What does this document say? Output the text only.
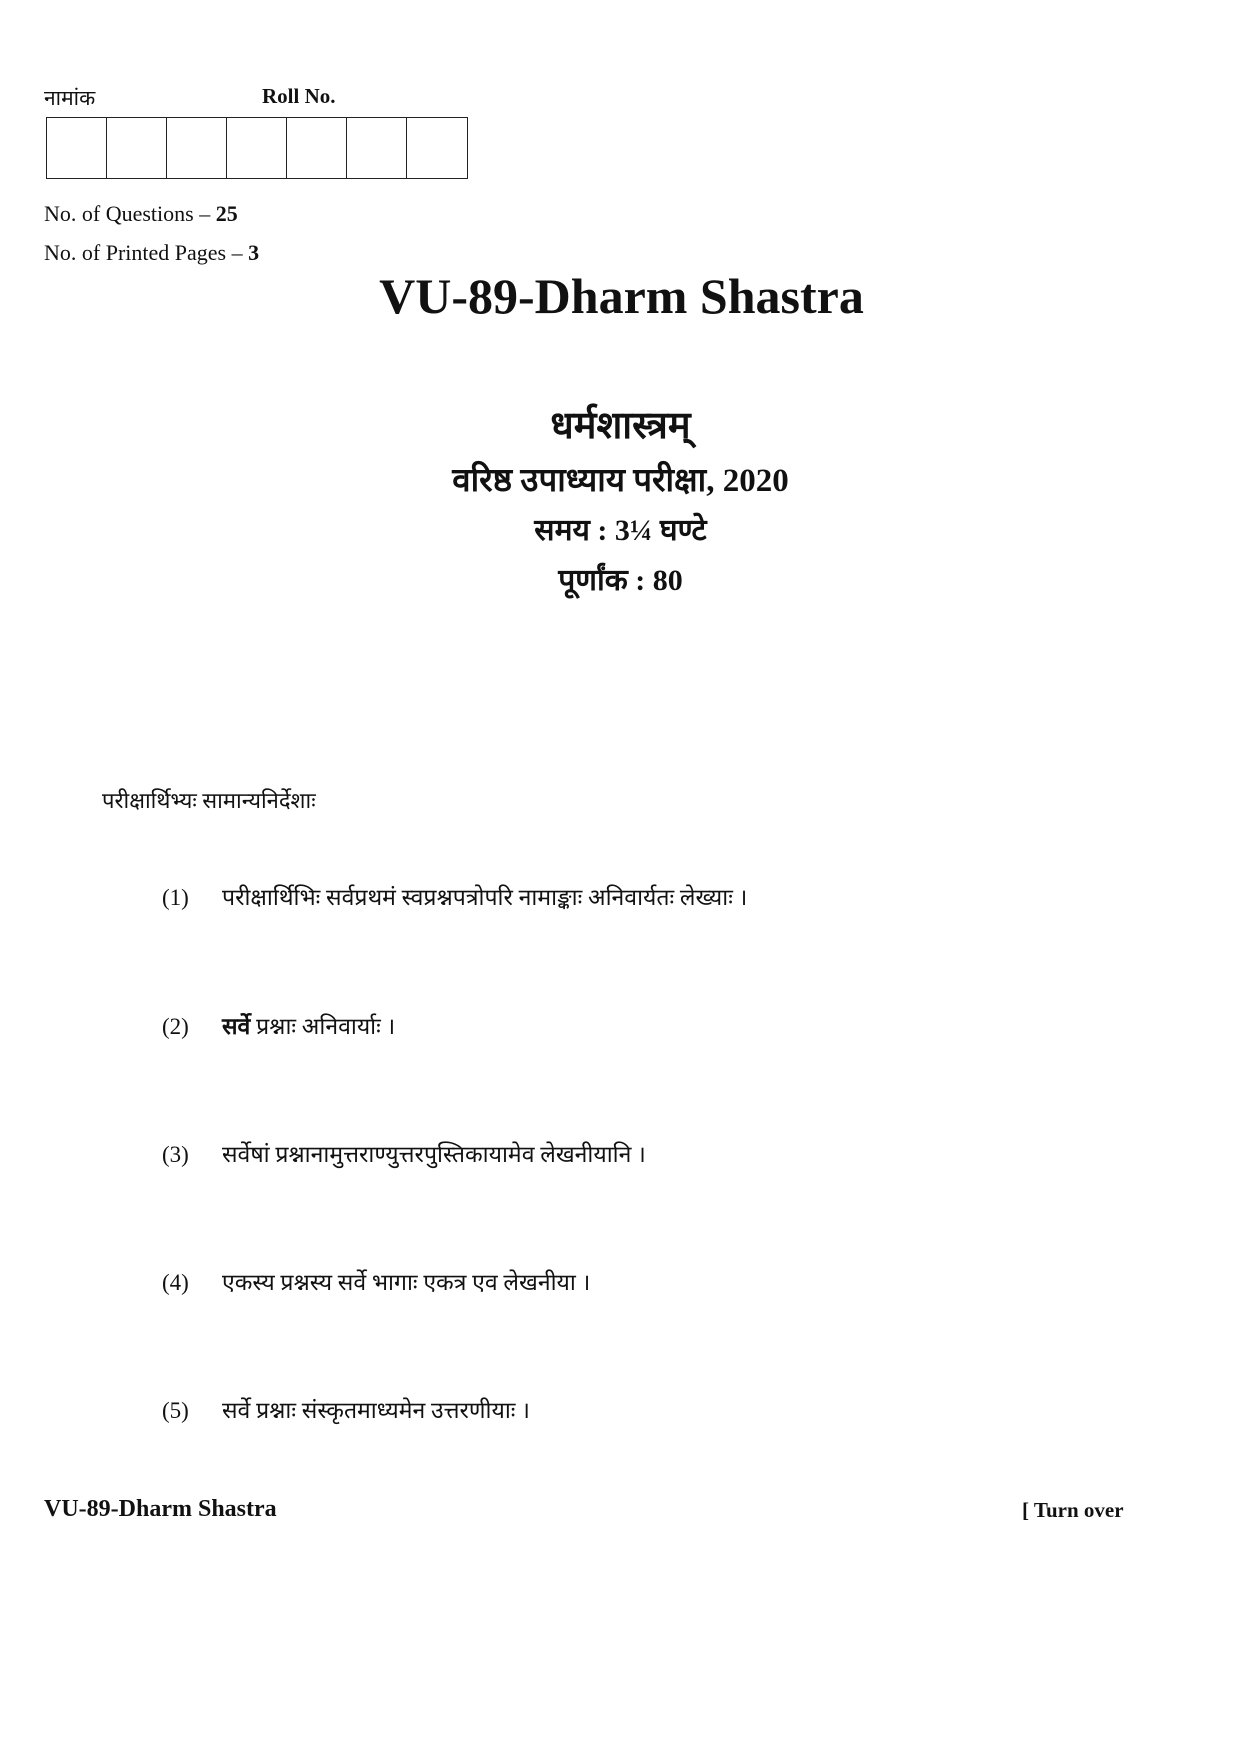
नामांक	Roll No.
No. of Questions – 25
No. of Printed Pages – 3
VU-89-Dharm Shastra
धर्मशास्त्रम्
वरिष्ठ उपाध्याय परीक्षा, 2020
समय : 3¼ घण्टे
पूर्णांक : 80
परीक्षार्थिभ्यः सामान्यनिर्देशाः
(1) परीक्षार्थिभिः सर्वप्रथमं स्वप्रश्नपत्रोपरि नामाङ्काः अनिवार्यतः लेख्याः ।
(2) सर्वे प्रश्नाः अनिवार्याः ।
(3) सर्वेषां प्रश्नानामुत्तराण्युत्तरपुस्तिकायामेव लेखनीयानि ।
(4) एकस्य प्रश्नस्य सर्वे भागाः एकत्र एव लेखनीया ।
(5) सर्वे प्रश्नाः संस्कृतमाध्यमेन उत्तरणीयाः ।
VU-89-Dharm Shastra	[ Turn over
